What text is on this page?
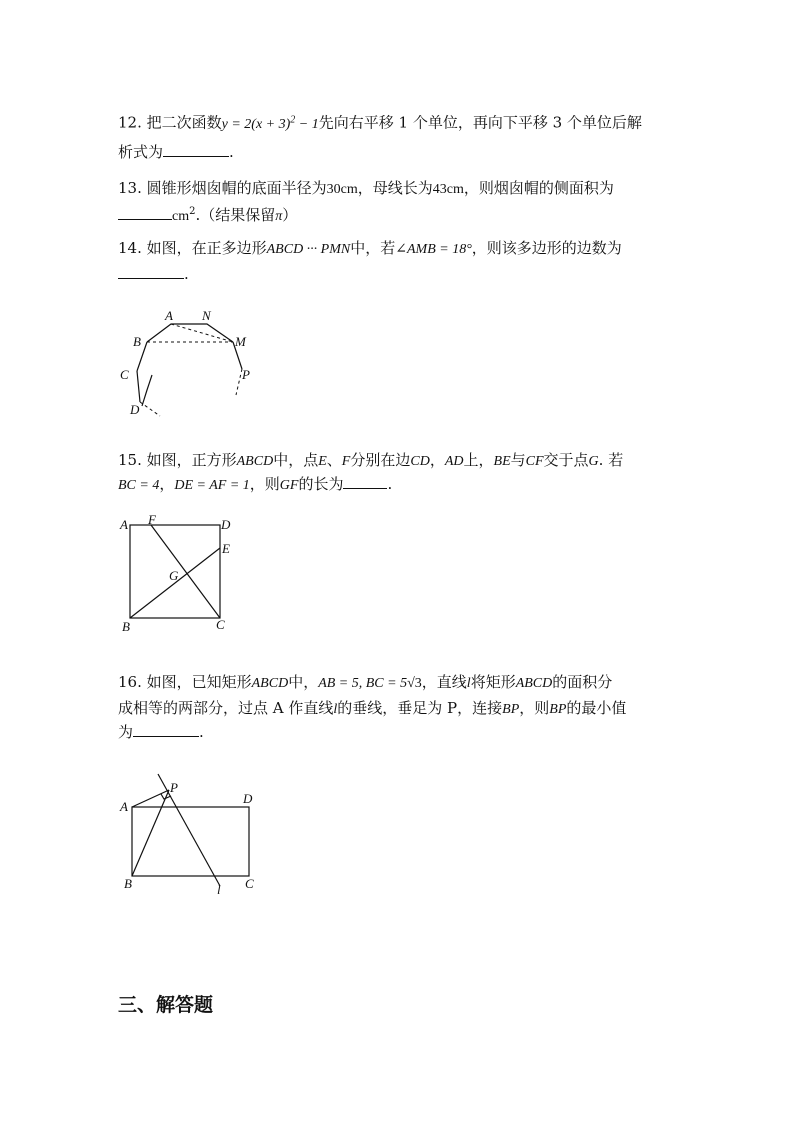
12. 把二次函数$y = 2(x + 3)^2 - 1$先向右平移 1 个单位，再向下平移 3 个单位后解
析式为	.
13. 圆锥形烟囱帽的底面半径为30cm，母线长为43cm，则烟囱帽的侧面积为
$cm^2$.（结果保留π）
14. 如图，在正多边形ABCD ··· PMN中，若∠AMB = 18°，则该多边形的边数为
.
A N
B	M
C	P
D
15. 如图，正方形ABCD中，点E、F分别在边CD，AD上，BE与CF交于点G. 若
BC = 4，DE = AF = 1，则GF的长为	.
A F	D
E
G
B	C
16. 如图，已知矩形ABCD中，AB = 5, BC = 5√3，直线l将矩形ABCD的面积分
成相等的两部分，过点 A 作直线l的垂线，垂足为 P，连接BP，则BP的最小值
为	.
A
P
D
B	l C
三、解答题
